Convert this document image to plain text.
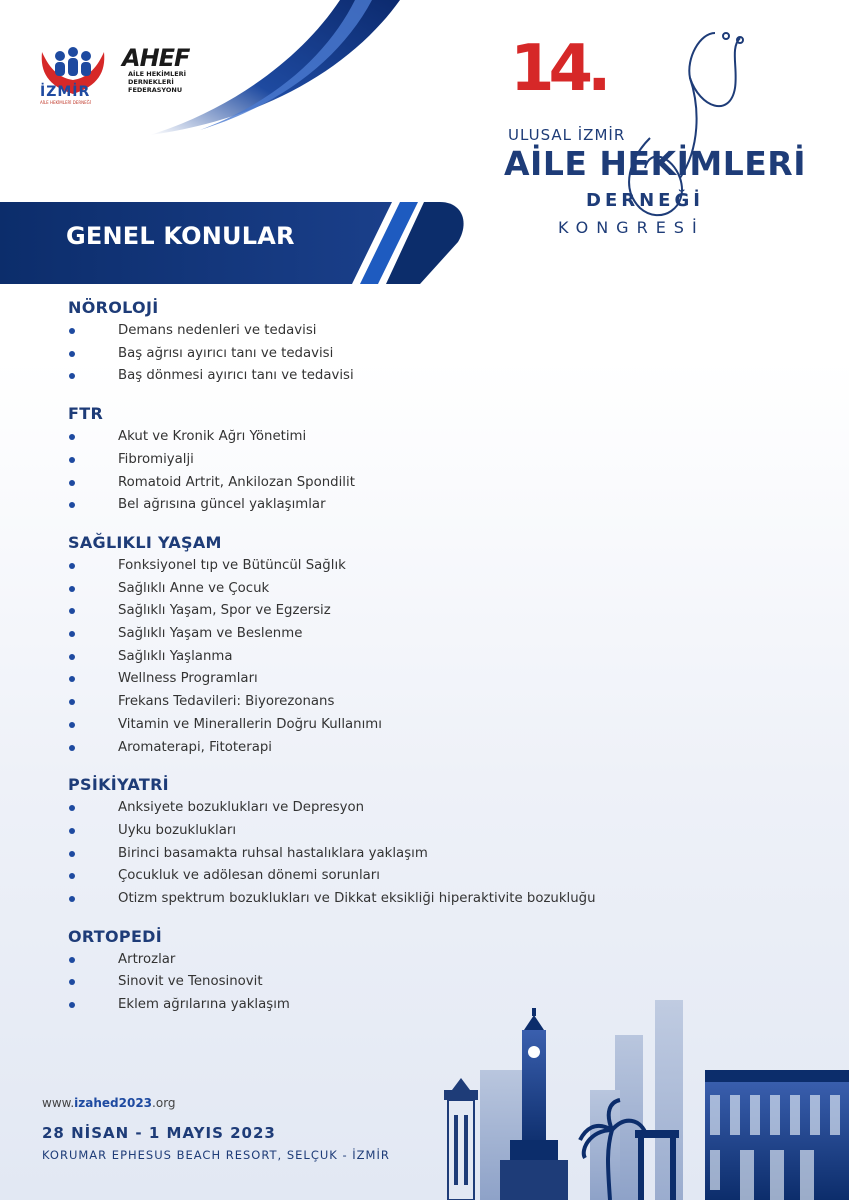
İZMİR
AİLE HEKİMLERİ DERNEĞİ
AHEF
AİLE HEKİMLERİ
DERNEKLERİ
FEDERASYONU	14.
ULUSAL İZMİR
AİLE HEKİMLERİ
DERNEĞİ
KONGRESİ
GENEL KONULAR
NÖROLOJİ
Demans nedenleri ve tedavisi
Baş ağrısı ayırıcı tanı ve tedavisi
Baş dönmesi ayırıcı tanı ve tedavisi
FTR
Akut ve Kronik Ağrı Yönetimi
Fibromiyalji
Romatoid Artrit, Ankilozan Spondilit
Bel ağrısına güncel yaklaşımlar
SAĞLIKLI YAŞAM
Fonksiyonel tıp ve Bütüncül Sağlık
Sağlıklı Anne ve Çocuk
Sağlıklı Yaşam, Spor ve Egzersiz
Sağlıklı Yaşam ve Beslenme
Sağlıklı Yaşlanma
Wellness Programları
Frekans Tedavileri: Biyorezonans
Vitamin ve Minerallerin Doğru Kullanımı
Aromaterapi, Fitoterapi
PSİKİYATRİ
Anksiyete bozuklukları ve Depresyon
Uyku bozuklukları
Birinci basamakta ruhsal hastalıklara yaklaşım
Çocukluk ve adölesan dönemi sorunları
Otizm spektrum bozuklukları ve Dikkat eksikliği hiperaktivite bozukluğu
ORTOPEDİ
Artrozlar
Sinovit ve Tenosinovit
Eklem ağrılarına yaklaşım
www.izahed2023.org
28 NİSAN - 1 MAYIS 2023
KORUMAR EPHESUS BEACH RESORT, SELÇUK - İZMİR
